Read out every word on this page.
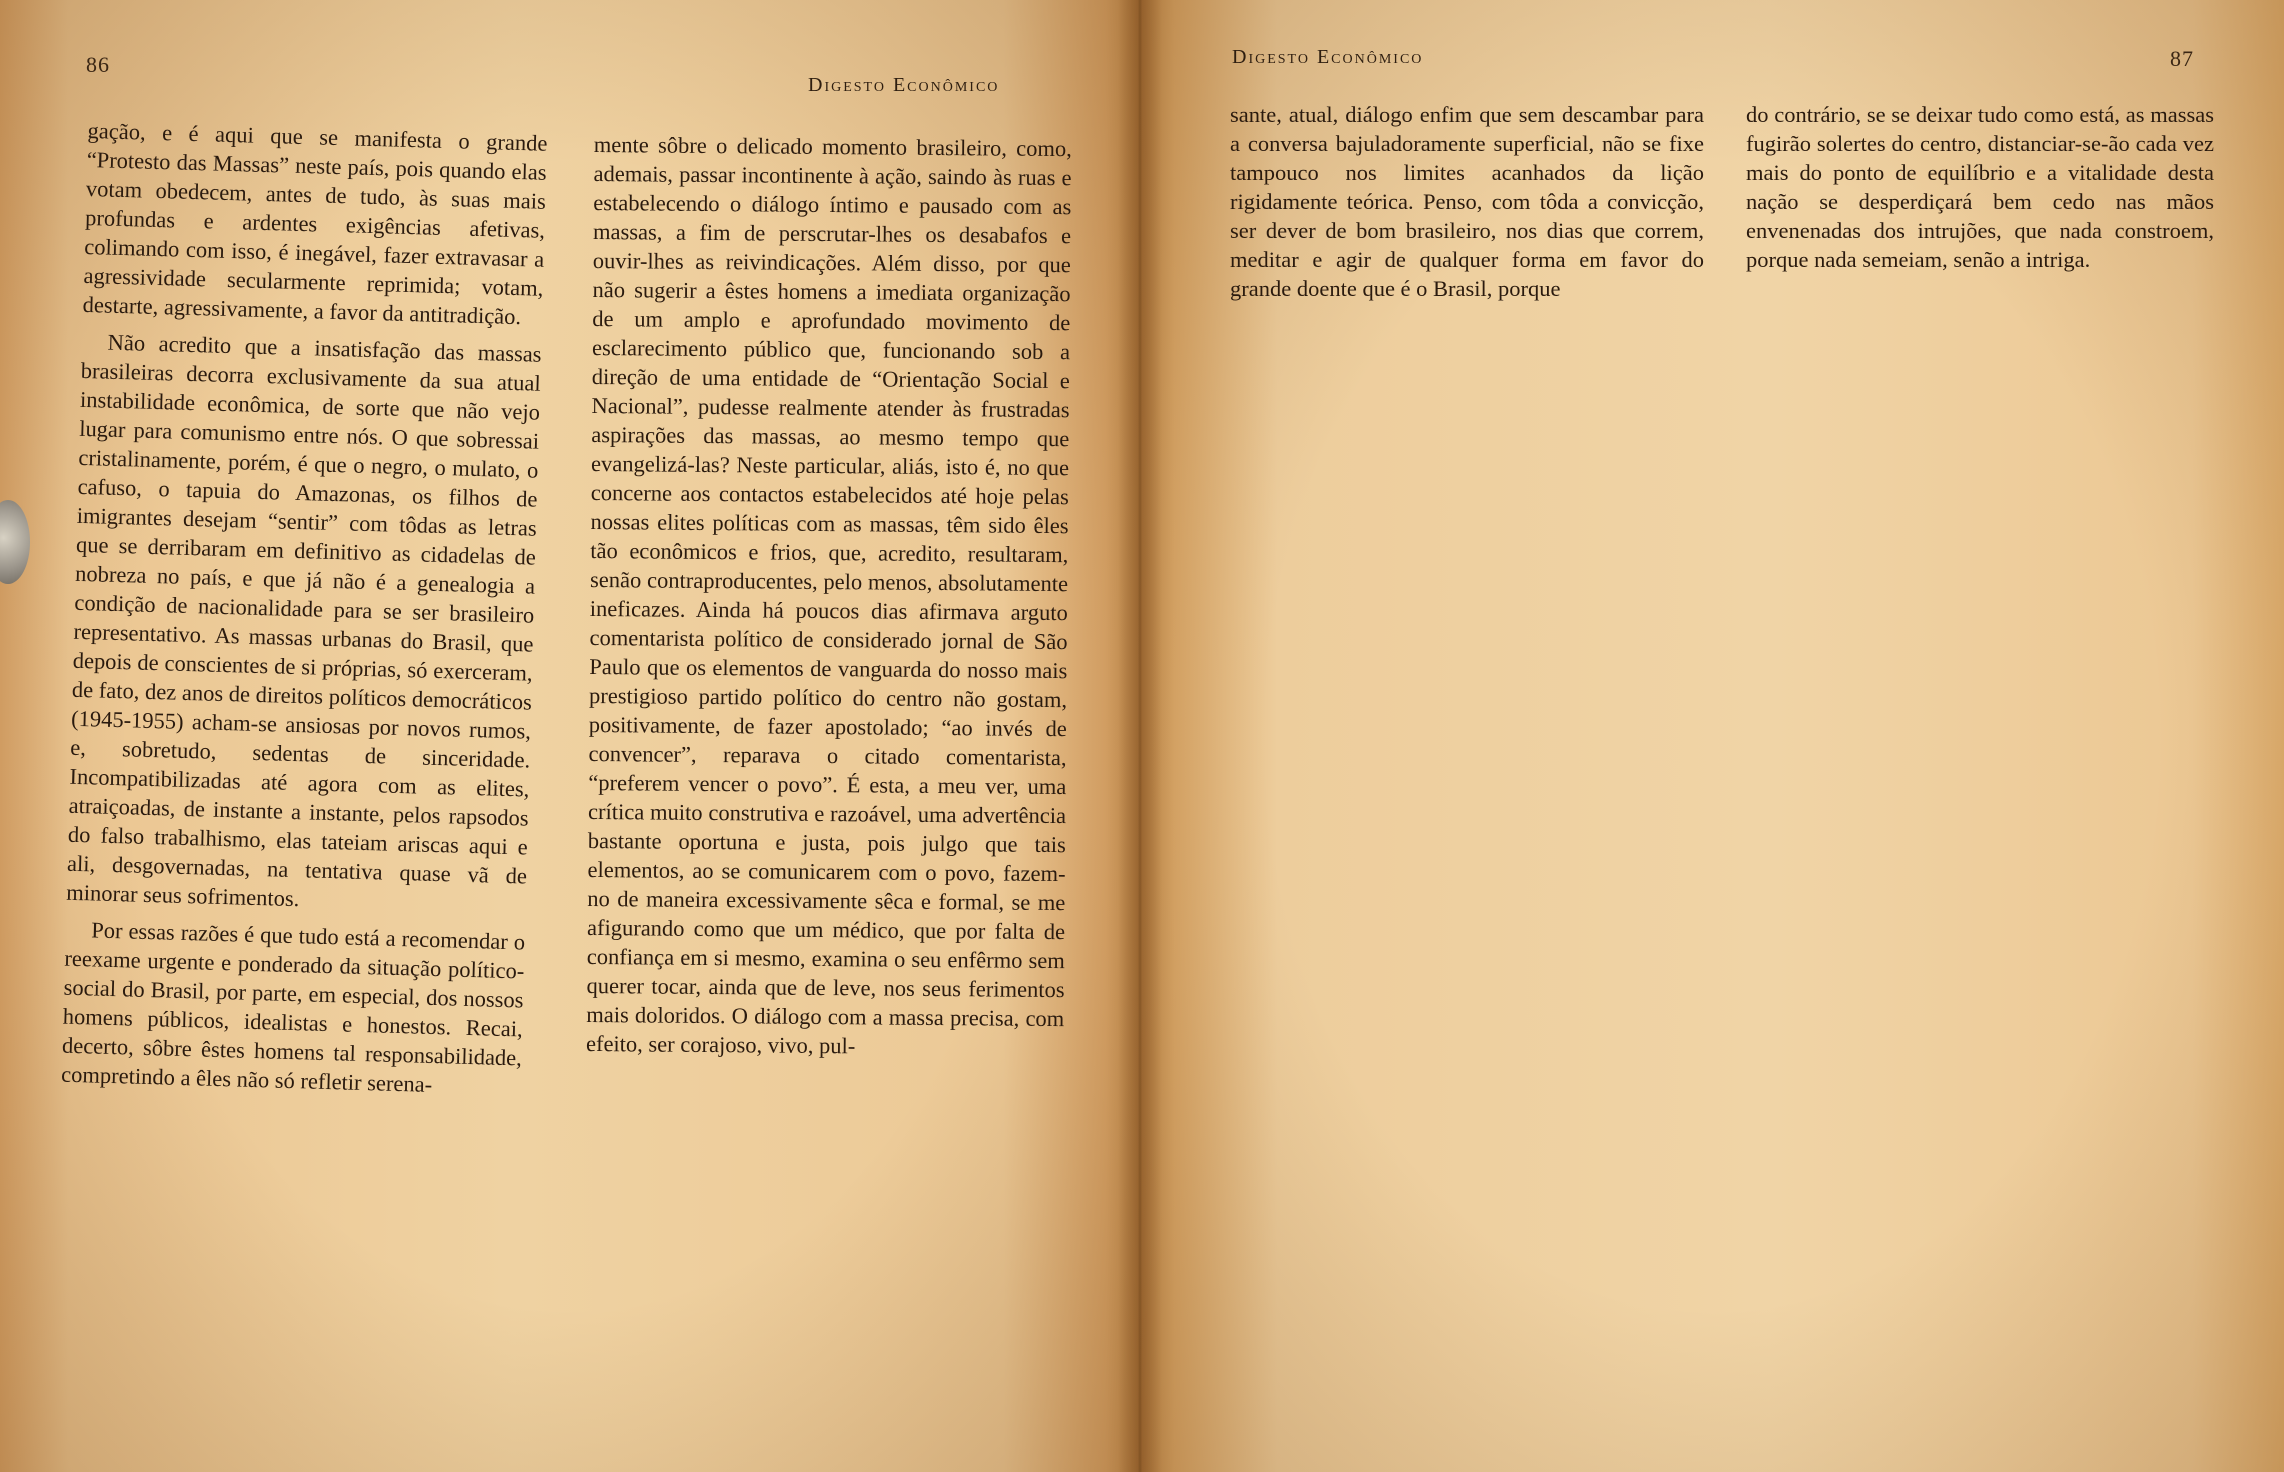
86
Digesto Econômico

gação, e é aqui que se manifesta o grande “Protesto das Massas” neste país, pois quando elas votam obedecem, antes de tudo, às suas mais profundas e ardentes exigências afetivas, colimando com isso, é inegável, fazer extravasar a agressividade secularmente reprimida; votam, destarte, agressivamente, a favor da antitradição.

Não acredito que a insatisfação das massas brasileiras decorra exclusivamente da sua atual instabilidade econômica, de sorte que não vejo lugar para comunismo entre nós. O que sobressai cristalinamente, porém, é que o negro, o mulato, o cafuso, o tapuia do Amazonas, os filhos de imigrantes desejam “sentir” com tôdas as letras que se derribaram em definitivo as cidadelas de nobreza no país, e que já não é a genealogia a condição de nacionalidade para se ser brasileiro representativo. As massas urbanas do Brasil, que depois de conscientes de si próprias, só exerceram, de fato, dez anos de direitos políticos democráticos (1945-1955) acham-se ansiosas por novos rumos, e, sobretudo, sedentas de sinceridade. Incompatibilizadas até agora com as elites, atraiçoadas, de instante a instante, pelos rapsodos do falso trabalhismo, elas tateiam ariscas aqui e ali, desgovernadas, na tentativa quase vã de minorar seus sofrimentos.

Por essas razões é que tudo está a recomendar o reexame urgente e ponderado da situação político-social do Brasil, por parte, em especial, dos nossos homens públicos, idealistas e honestos. Recai, decerto, sôbre êstes homens tal responsabilidade, compretindo a êles não só refletir serena-

mente sôbre o delicado momento brasileiro, como, ademais, passar incontinente à ação, saindo às ruas e estabelecendo o diálogo íntimo e pausado com as massas, a fim de perscrutar-lhes os desabafos e ouvir-lhes as reivindicações. Além disso, por que não sugerir a êstes homens a imediata organização de um amplo e aprofundado movimento de esclarecimento público que, funcionando sob a direção de uma entidade de “Orientação Social e Nacional”, pudesse realmente atender às frustradas aspirações das massas, ao mesmo tempo que evangelizá-las? Neste particular, aliás, isto é, no que concerne aos contactos estabelecidos até hoje pelas nossas elites políticas com as massas, têm sido êles tão econômicos e frios, que, acredito, resultaram, senão contraproducentes, pelo menos, absolutamente ineficazes. Ainda há poucos dias afirmava arguto comentarista político de considerado jornal de São Paulo que os elementos de vanguarda do nosso mais prestigioso partido político do centro não gostam, positivamente, de fazer apostolado; “ao invés de convencer”, reparava o citado comentarista, “preferem vencer o povo”. É esta, a meu ver, uma crítica muito construtiva e razoável, uma advertência bastante oportuna e justa, pois julgo que tais elementos, ao se comunicarem com o povo, fazem-no de maneira excessivamente sêca e formal, se me afigurando como que um médico, que por falta de confiança em si mesmo, examina o seu enfêrmo sem querer tocar, ainda que de leve, nos seus ferimentos mais doloridos. O diálogo com a massa precisa, com efeito, ser corajoso, vivo, pul-

Digesto Econômico	87

sante, atual, diálogo enfim que sem descambar para a conversa bajuladoramente superficial, não se fixe tampouco nos limites acanhados da lição rigidamente teórica. Penso, com tôda a convicção, ser dever de bom brasileiro, nos dias que correm, meditar e agir de qualquer forma em favor do grande doente que é o Brasil, porque

do contrário, se se deixar tudo como está, as massas fugirão solertes do centro, distanciar-se-ão cada vez mais do ponto de equilíbrio e a vitalidade desta nação se desperdiçará bem cedo nas mãos envenenadas dos intrujões, que nada constroem, porque nada semeiam, senão a intriga.
